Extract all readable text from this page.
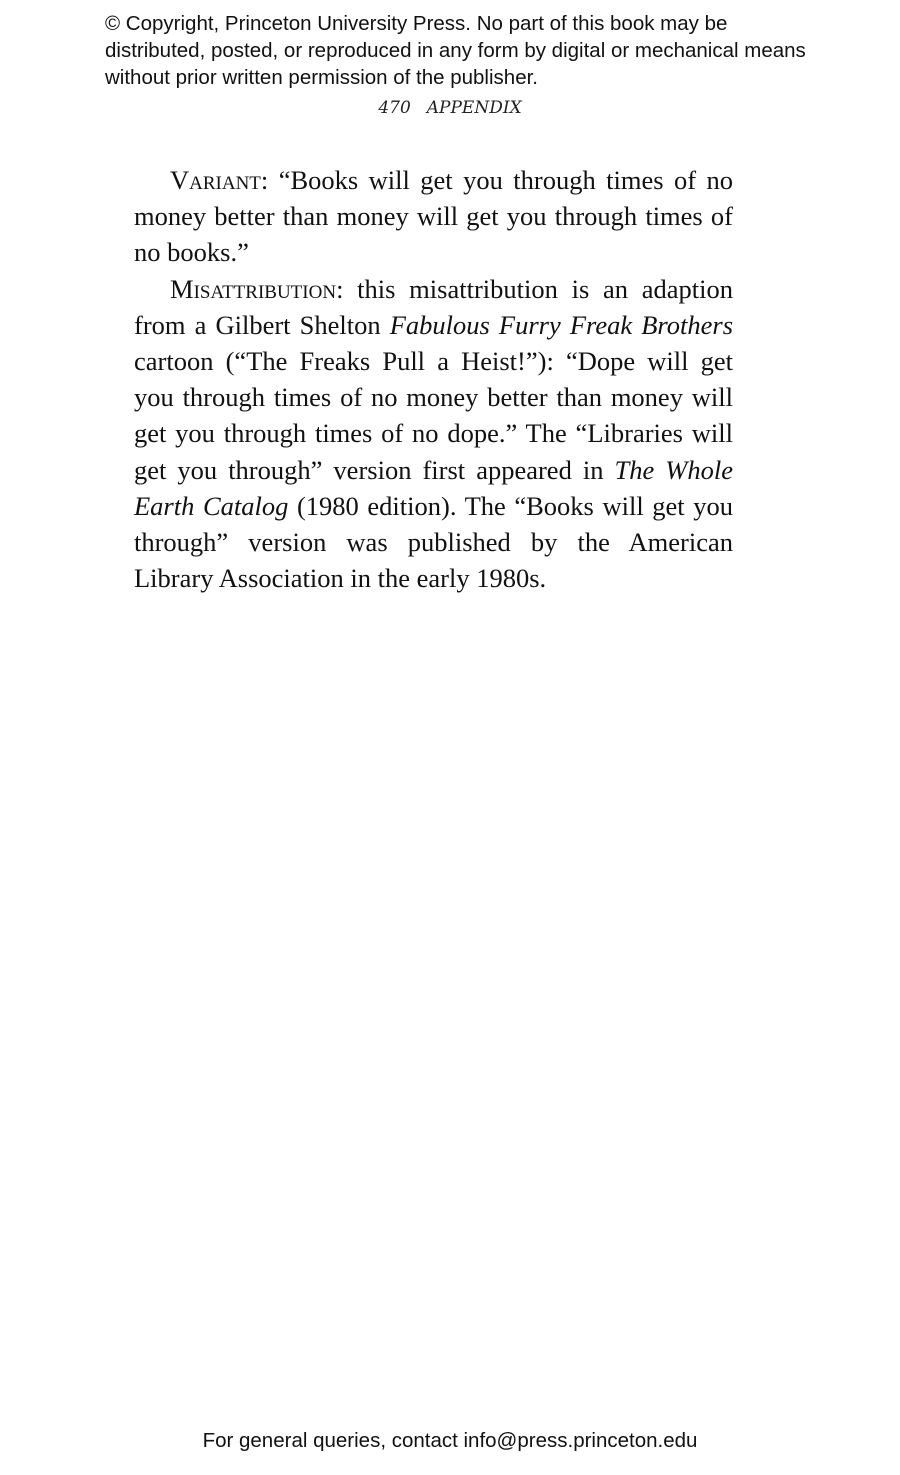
© Copyright, Princeton University Press. No part of this book may be distributed, posted, or reproduced in any form by digital or mechanical means without prior written permission of the publisher.
470 APPENDIX

Variant: “Books will get you through times of no money better than money will get you through times of no books.”

Misattribution: this misattribution is an adaption from a Gilbert Shelton Fabulous Furry Freak Brothers cartoon (“The Freaks Pull a Heist!”): “Dope will get you through times of no money better than money will get you through times of no dope.” The “Libraries will get you through” version first appeared in The Whole Earth Catalog (1980 edition). The “Books will get you through” version was published by the American Library Association in the early 1980s.

For general queries, contact info@press.princeton.edu
